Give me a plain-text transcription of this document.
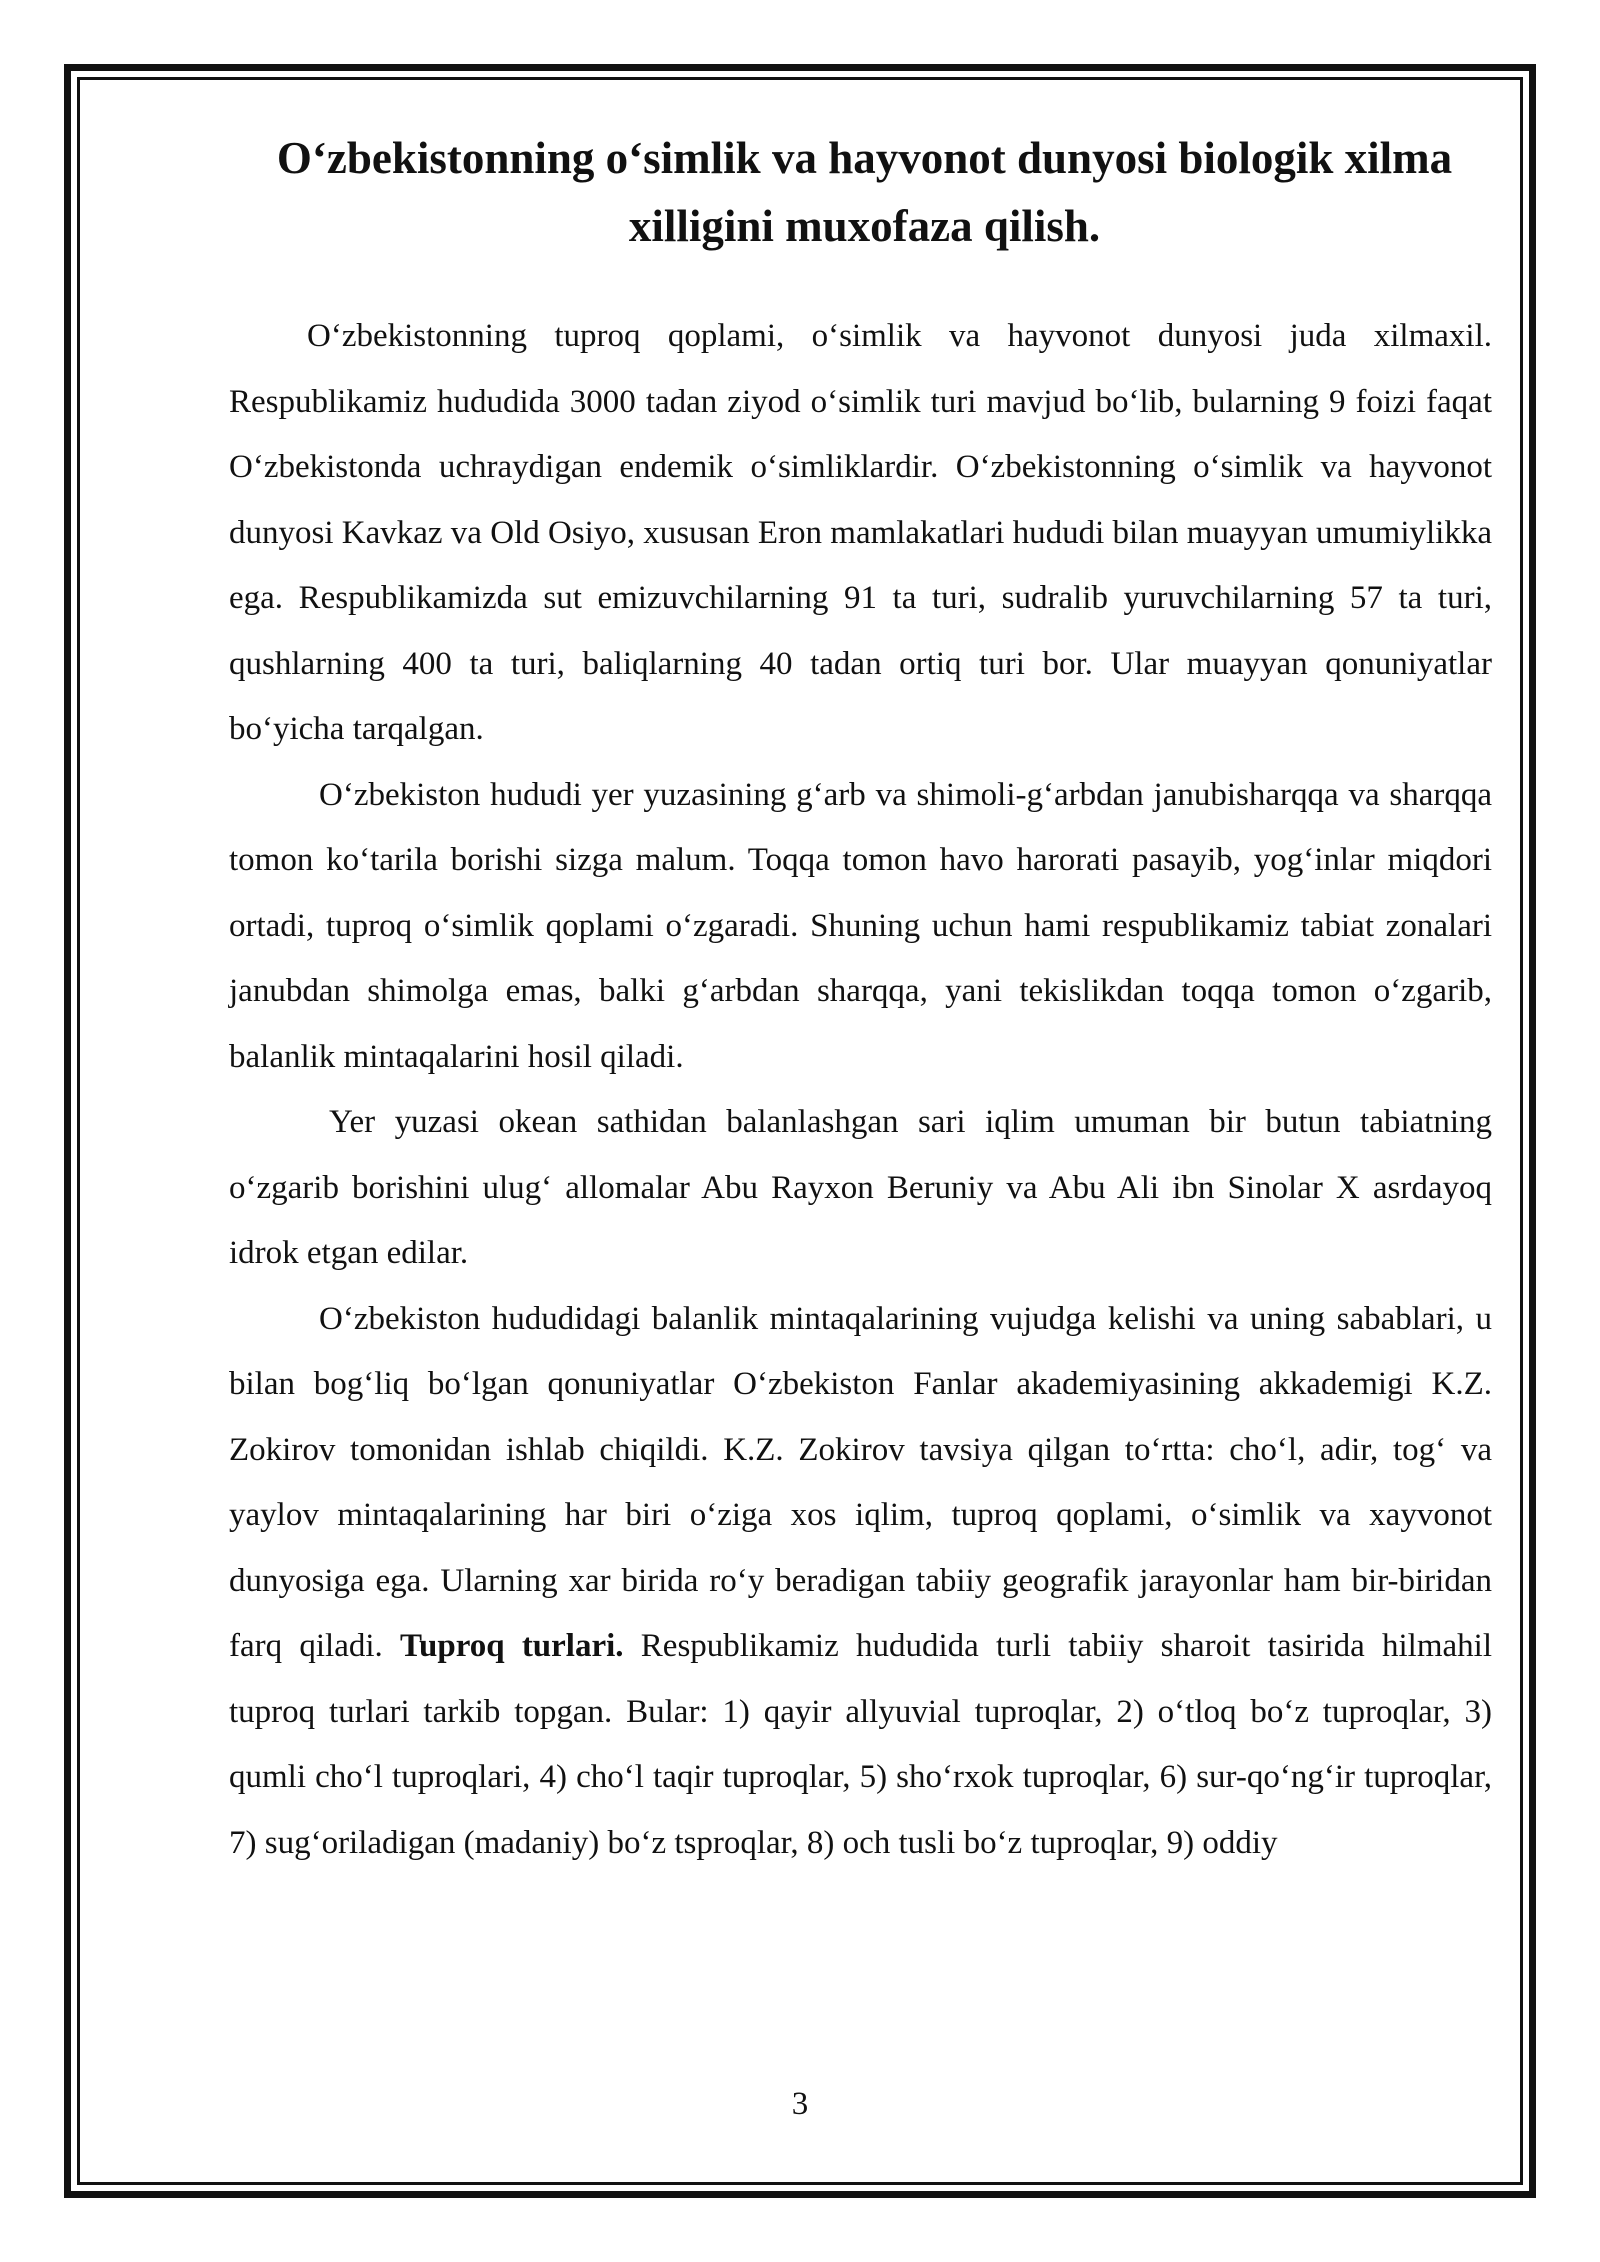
O‘zbekistonning o‘simlik va hayvonot dunyosi biologik xilma
xilligini muxofaza qilish.

O‘zbekistonning tuproq qoplami, o‘simlik va hayvonot dunyosi juda xilmaxil. Respublikamiz hududida 3000 tadan ziyod o‘simlik turi mavjud bo‘lib, bularning 9 foizi faqat O‘zbekistonda uchraydigan endemik o‘simliklardir. O‘zbekistonning o‘simlik va hayvonot dunyosi Kavkaz va Old Osiyo, xususan Eron mamlakatlari hududi bilan muayyan umumiylikka ega. Respublikamizda sut emizuvchilarning 91 ta turi, sudralib yuruvchilarning 57 ta turi, qushlarning 400 ta turi, baliqlarning 40 tadan ortiq turi bor. Ular muayyan qonuniyatlar bo‘yicha tarqalgan.

O‘zbekiston hududi yer yuzasining g‘arb va shimoli-g‘arbdan janubisharqqa va sharqqa tomon ko‘tarila borishi sizga malum. Toqqa tomon havo harorati pasayib, yog‘inlar miqdori ortadi, tuproq o‘simlik qoplami o‘zgaradi. Shuning uchun hami respublikamiz tabiat zonalari janubdan shimolga emas, balki g‘arbdan sharqqa, yani tekislikdan toqqa tomon o‘zgarib, balanlik mintaqalarini hosil qiladi.

Yer yuzasi okean sathidan balanlashgan sari iqlim umuman bir butun tabiatning o‘zgarib borishini ulug‘ allomalar Abu Rayxon Beruniy va Abu Ali ibn Sinolar X asrdayoq idrok etgan edilar.

O‘zbekiston hududidagi balanlik mintaqalarining vujudga kelishi va uning sabablari, u bilan bog‘liq bo‘lgan qonuniyatlar O‘zbekiston Fanlar akademiyasining akkademigi K.Z. Zokirov tomonidan ishlab chiqildi. K.Z. Zokirov tavsiya qilgan to‘rtta: cho‘l, adir, tog‘ va yaylov mintaqalarining har biri o‘ziga xos iqlim, tuproq qoplami, o‘simlik va xayvonot dunyosiga ega. Ularning xar birida ro‘y beradigan tabiiy geografik jarayonlar ham bir-biridan farq qiladi. Tuproq turlari. Respublikamiz hududida turli tabiiy sharoit tasirida hilmahil tuproq turlari tarkib topgan. Bular: 1) qayir allyuvial tuproqlar, 2) o‘tloq bo‘z tuproqlar, 3) qumli cho‘l tuproqlari, 4) cho‘l taqir tuproqlar, 5) sho‘rxok tuproqlar, 6) sur-qo‘ng‘ir tuproqlar, 7) sug‘oriladigan (madaniy) bo‘z tsproqlar, 8) och tusli bo‘z tuproqlar, 9) oddiy

3
